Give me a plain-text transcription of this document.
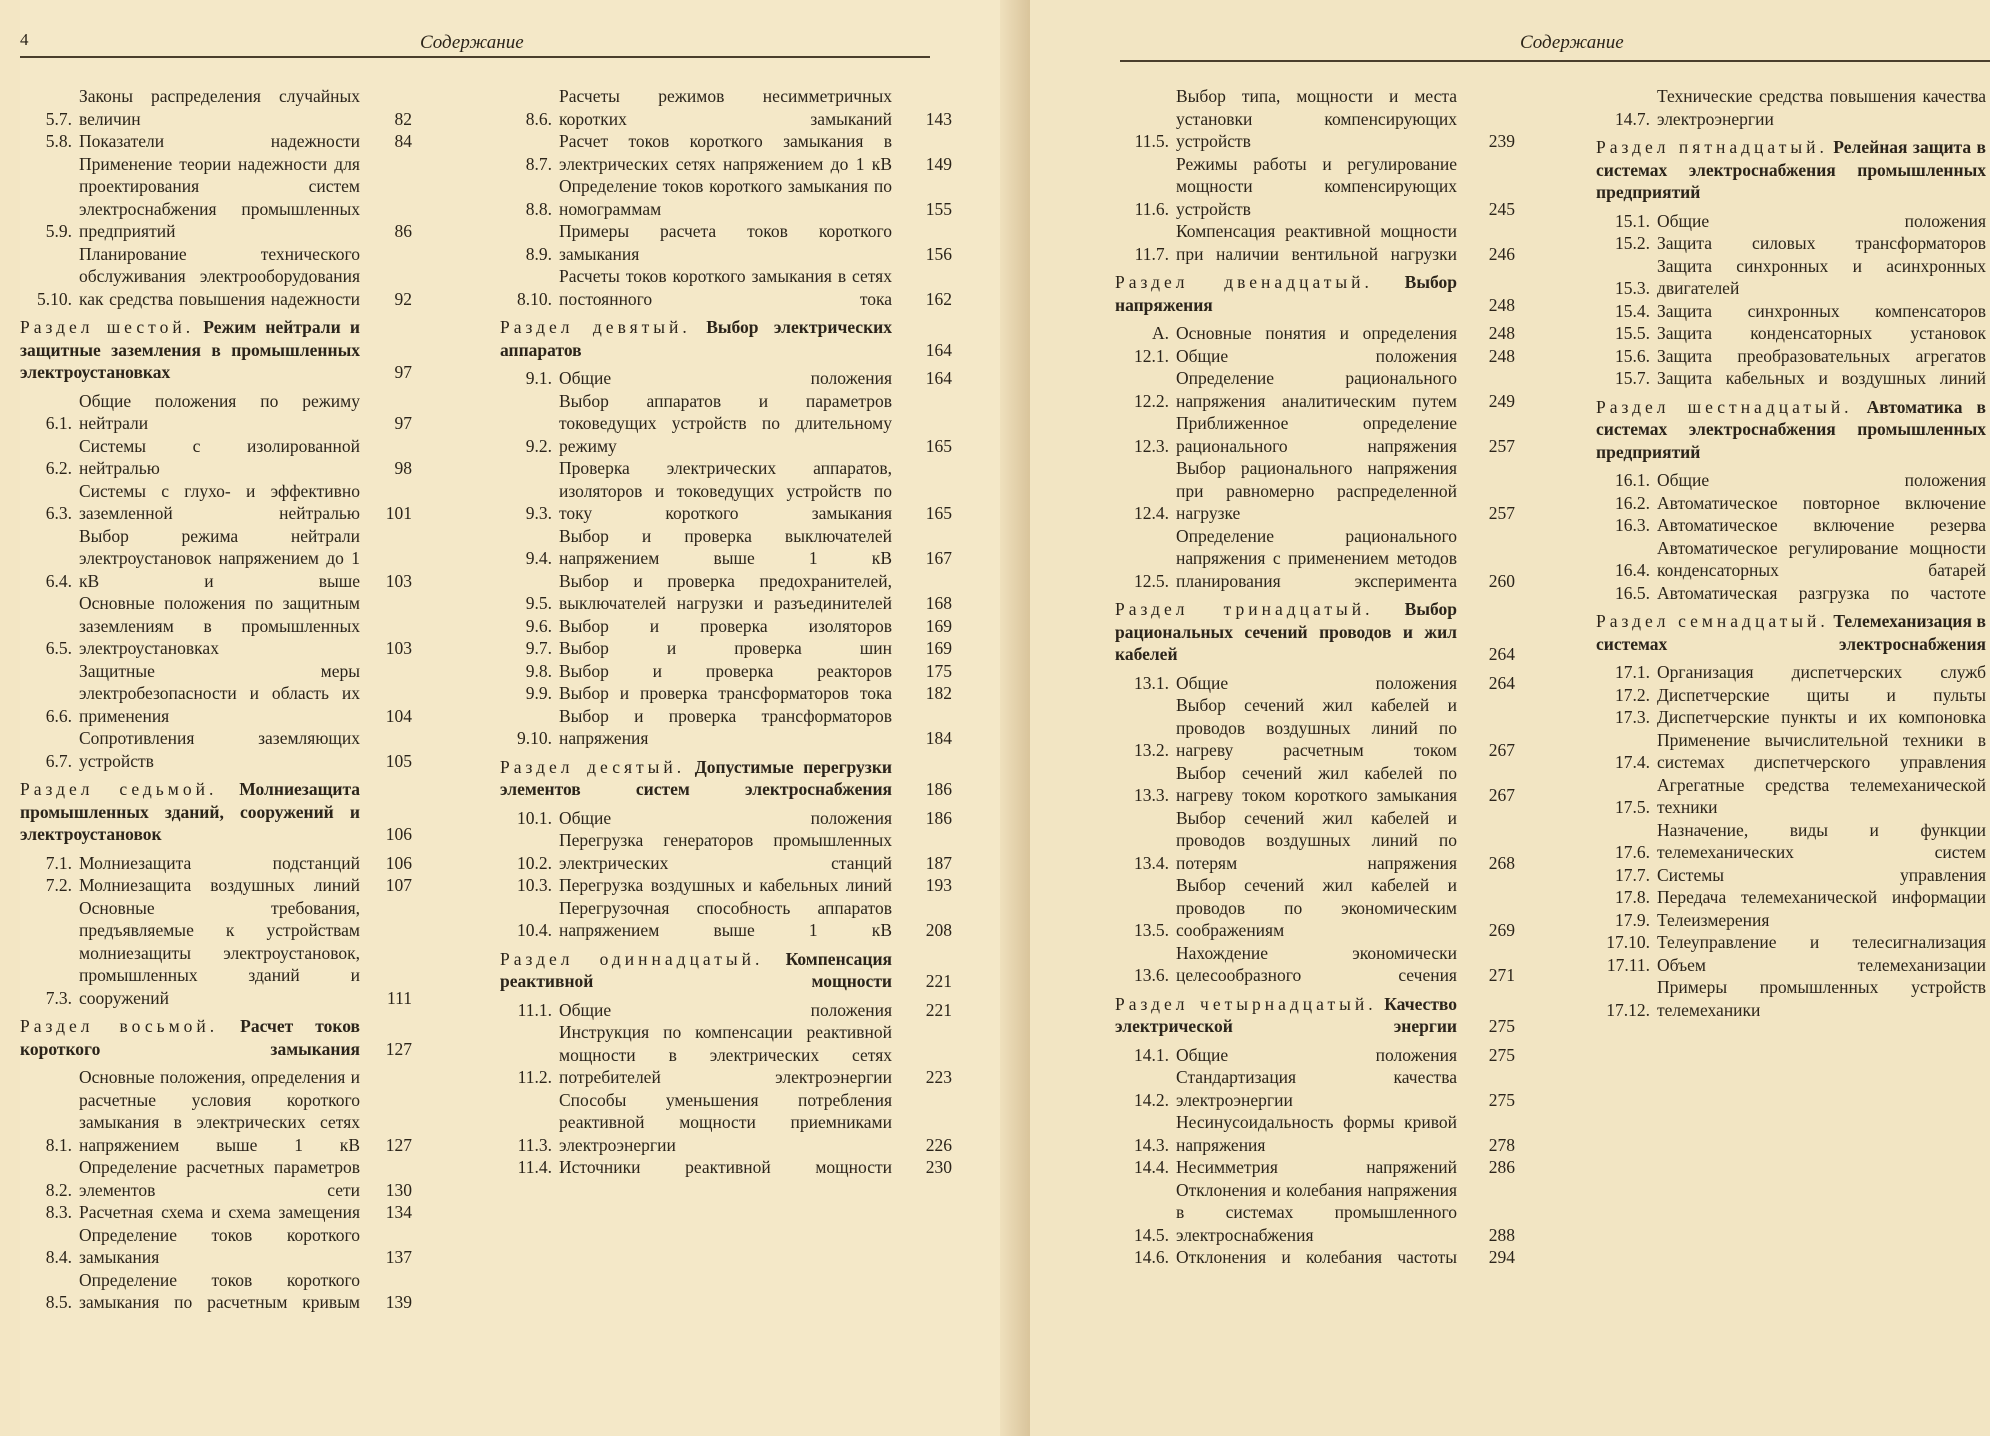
4	Содержание
5.7.
Законы распределения случайных величин	82
5.8. Показатели надежности	84
5.9.
Применение теории надежности для проектирования систем электроснабжения промышленных предприятий	86
5.10.
Планирование технического обслуживания электрооборудования как средства повышения надежности	92
Раздел шестой. Режим нейтрали и защитные заземления в промышленных электроустановках	97
6.1.
Общие положения по режиму нейтрали	97
6.2.
Системы с изолированной нейтралью	98
6.3.
Системы с глухо- и эффективно заземленной нейтралью	101
6.4.
Выбор режима нейтрали электроустановок напряжением до 1 кВ и выше	103
6.5.
Основные положения по защитным заземлениям в промышленных электроустановках	103
6.6.
Защитные меры электробезопасности и область их применения	104
6.7.
Сопротивления заземляющих устройств	105
Раздел седьмой. Молниезащита промышленных зданий, сооружений и электроустановок	106
7.1. Молниезащита подстанций	106
7.2. Молниезащита воздушных линий	107
7.3.
Основные требования, предъявляемые к устройствам молниезащиты электроустановок, промышленных зданий и сооружений	111
Раздел восьмой. Расчет токов короткого замыкания	127
8.1.
Основные положения, определения и расчетные условия короткого замыкания в электрических сетях напряжением выше 1 кВ	127
8.2.
Определение расчетных параметров элементов сети	130
8.3. Расчетная схема и схема замещения	134
8.4.
Определение токов короткого замыкания	137
8.5.
Определение токов короткого замыкания по расчетным кривым	139
8.6.
Расчеты режимов несимметричных коротких замыканий	143
8.7.
Расчет токов короткого замыкания в электрических сетях напряжением до 1 кВ	149
8.8.
Определение токов короткого замыкания по номограммам	155
8.9.
Примеры расчета токов короткого замыкания	156
8.10.
Расчеты токов короткого замыкания в сетях постоянного тока	162
Раздел девятый. Выбор электрических аппаратов	164
9.1. Общие положения	164
9.2.
Выбор аппаратов и параметров токоведущих устройств по длительному режиму	165
9.3.
Проверка электрических аппаратов, изоляторов и токоведущих устройств по току короткого замыкания	165
9.4.
Выбор и проверка выключателей напряжением выше 1 кВ	167
9.5.
Выбор и проверка предохранителей, выключателей нагрузки и разъединителей	168
9.6. Выбор и проверка изоляторов	169
9.7. Выбор и проверка шин	169
9.8. Выбор и проверка реакторов	175
9.9. Выбор и проверка трансформаторов тока	182
9.10.
Выбор и проверка трансформаторов напряжения	184
Раздел десятый. Допустимые перегрузки элементов систем электроснабжения	186
10.1. Общие положения	186
10.2.
Перегрузка генераторов промышленных электрических станций	187
10.3. Перегрузка воздушных и кабельных линий	193
10.4.
Перегрузочная способность аппаратов напряжением выше 1 кВ	208
Раздел одиннадцатый. Компенсация реактивной мощности	221
11.1. Общие положения	221
11.2.
Инструкция по компенсации реактивной мощности в электрических сетях потребителей электроэнергии	223
11.3.
Способы уменьшения потребления реактивной мощности приемниками электроэнергии	226
11.4. Источники реактивной мощности	230
Содержание
11.5.
Выбор типа, мощности и места установки компенсирующих устройств	239
11.6.
Режимы работы и регулирование мощности компенсирующих устройств	245
11.7.
Компенсация реактивной мощности при наличии вентильной нагрузки	246
Раздел двенадцатый. Выбор напряжения	248
А. Основные понятия и определения	248
12.1. Общие положения	248
12.2.
Определение рационального напряжения аналитическим путем	249
12.3.
Приближенное определение рационального напряжения	257
12.4.
Выбор рационального напряжения при равномерно распределенной нагрузке	257
12.5.
Определение рационального напряжения с применением методов планирования эксперимента	260
Раздел тринадцатый. Выбор рациональных сечений проводов и жил кабелей	264
13.1. Общие положения	264
13.2.
Выбор сечений жил кабелей и проводов воздушных линий по нагреву расчетным током	267
13.3.
Выбор сечений жил кабелей по нагреву током короткого замыкания	267
13.4.
Выбор сечений жил кабелей и проводов воздушных линий по потерям напряжения	268
13.5.
Выбор сечений жил кабелей и проводов по экономическим соображениям	269
13.6.
Нахождение экономически целесообразного сечения	271
Раздел четырнадцатый. Качество электрической энергии	275
14.1. Общие положения	275
14.2.
Стандартизация качества электроэнергии	275
14.3.
Несинусоидальность формы кривой напряжения	278
14.4. Несимметрия напряжений	286
14.5.
Отклонения и колебания напряжения в системах промышленного электроснабжения	288
14.6. Отклонения и колебания частоты	294
14.7.
Технические средства повышения качества электроэнергии
Раздел пятнадцатый. Релейная защита в системах электроснабжения промышленных предприятий
15.1. Общие положения
15.2. Защита силовых трансформаторов
15.3.
Защита синхронных и асинхронных двигателей
15.4. Защита синхронных компенсаторов
15.5. Защита конденсаторных установок
15.6. Защита преобразовательных агрегатов
15.7. Защита кабельных и воздушных линий
Раздел шестнадцатый. Автоматика в системах электроснабжения промышленных предприятий
16.1. Общие положения
16.2. Автоматическое повторное включение
16.3. Автоматическое включение резерва
16.4.
Автоматическое регулирование мощности конденсаторных батарей
16.5. Автоматическая разгрузка по частоте
Раздел семнадцатый. Телемеханизация в системах электроснабжения
17.1. Организация диспетчерских служб
17.2. Диспетчерские щиты и пульты
17.3. Диспетчерские пункты и их компоновка
17.4.
Применение вычислительной техники в системах диспетчерского управления
17.5.
Агрегатные средства телемеханической техники
17.6.
Назначение, виды и функции телемеханических систем
17.7. Системы управления
17.8. Передача телемеханической информации
17.9. Телеизмерения
17.10. Телеуправление и телесигнализация
17.11. Объем телемеханизации
17.12.
Примеры промышленных устройств телемеханики
